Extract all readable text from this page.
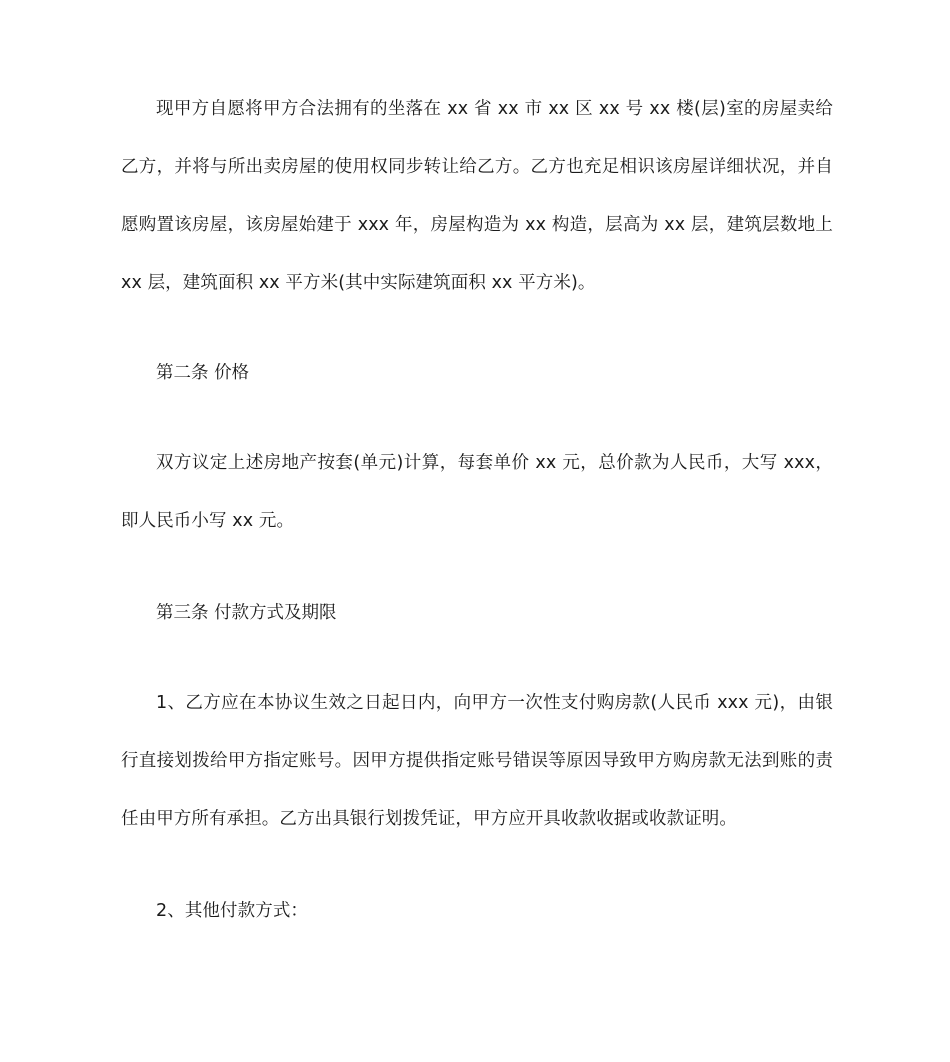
现甲方自愿将甲方合法拥有的坐落在 xx 省 xx 市 xx 区 xx 号 xx 楼(层)室的房屋卖给乙方，并将与所出卖房屋的使用权同步转让给乙方。乙方也充足相识该房屋详细状况，并自愿购置该房屋，该房屋始建于 xxx 年，房屋构造为 xx 构造，层高为 xx 层，建筑层数地上 xx 层，建筑面积 xx 平方米(其中实际建筑面积 xx 平方米)。

第二条 价格

双方议定上述房地产按套(单元)计算，每套单价 xx 元，总价款为人民币，大写 xxx，即人民币小写 xx 元。

第三条 付款方式及期限

1、乙方应在本协议生效之日起日内，向甲方一次性支付购房款(人民币 xxx 元)，由银行直接划拨给甲方指定账号。因甲方提供指定账号错误等原因导致甲方购房款无法到账的责任由甲方所有承担。乙方出具银行划拨凭证，甲方应开具收款收据或收款证明。

2、其他付款方式：
